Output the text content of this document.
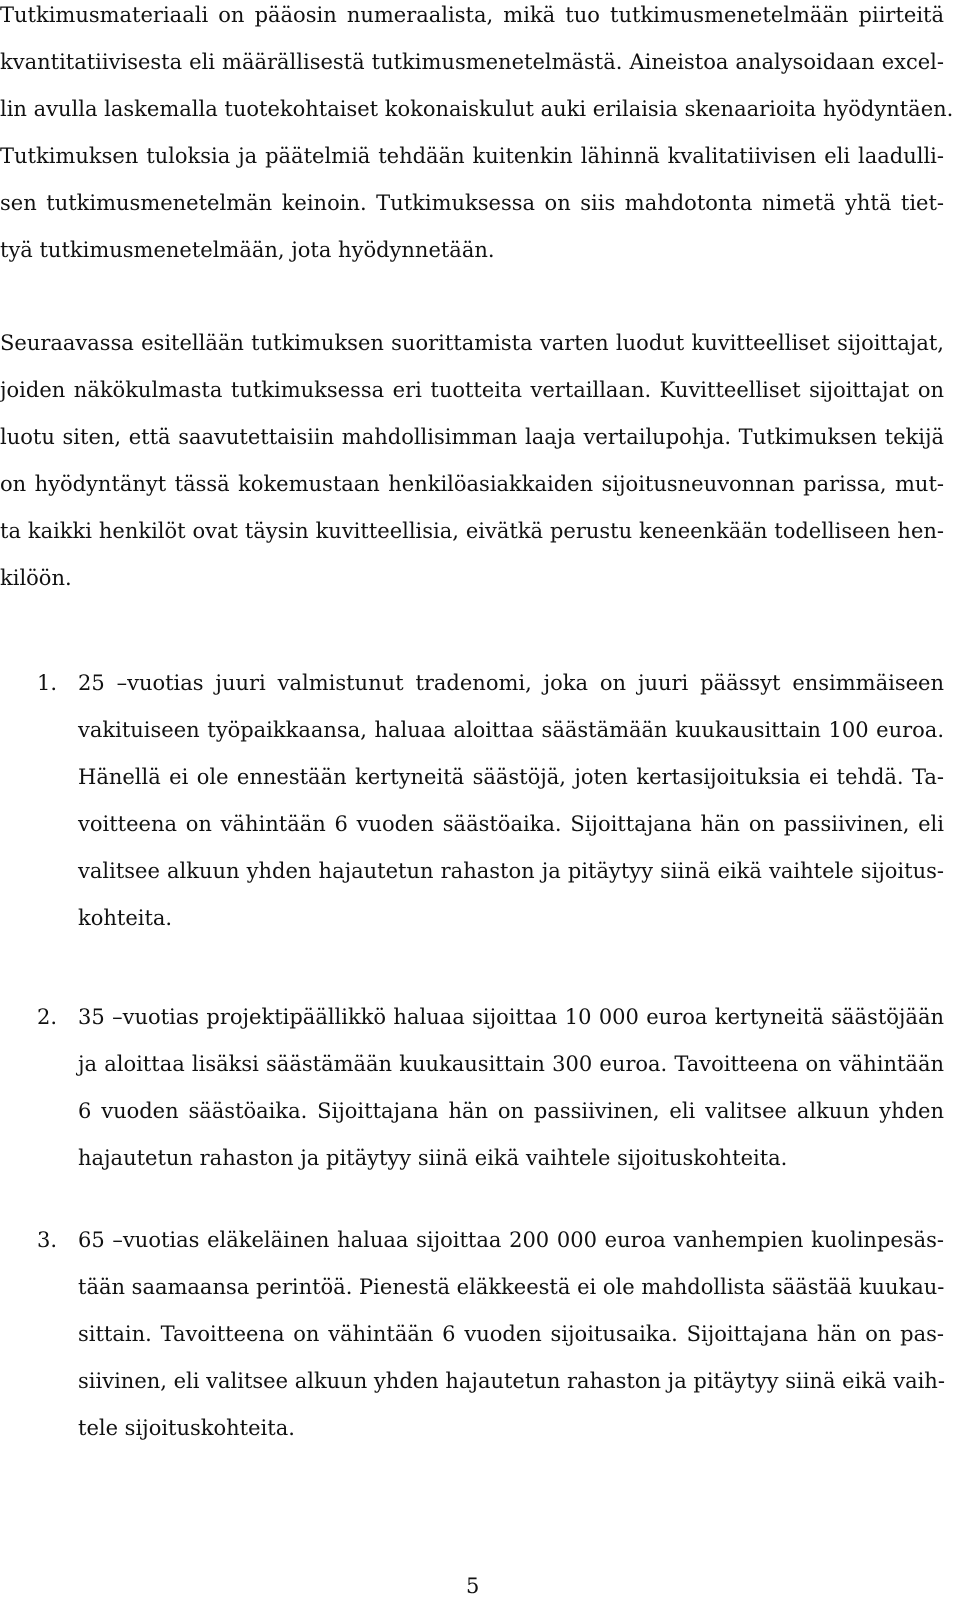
Tutkimusmateriaali on pääosin numeraalista, mikä tuo tutkimusmenetelmään piirteitä
kvantitatiivisesta eli määrällisestä tutkimusmenetelmästä. Aineistoa analysoidaan excel-
lin avulla laskemalla tuotekohtaiset kokonaiskulut auki erilaisia skenaarioita hyödyntäen.
Tutkimuksen tuloksia ja päätelmiä tehdään kuitenkin lähinnä kvalitatiivisen eli laadulli-
sen tutkimusmenetelmän keinoin. Tutkimuksessa on siis mahdotonta nimetä yhtä tiet-
tyä tutkimusmenetelmään, jota hyödynnetään.

Seuraavassa esitellään tutkimuksen suorittamista varten luodut kuvitteelliset sijoittajat,
joiden näkökulmasta tutkimuksessa eri tuotteita vertaillaan. Kuvitteelliset sijoittajat on
luotu siten, että saavutettaisiin mahdollisimman laaja vertailupohja. Tutkimuksen tekijä
on hyödyntänyt tässä kokemustaan henkilöasiakkaiden sijoitusneuvonnan parissa, mut-
ta kaikki henkilöt ovat täysin kuvitteellisia, eivätkä perustu keneenkään todelliseen hen-
kilöön.

1. 25 –vuotias juuri valmistunut tradenomi, joka on juuri päässyt ensimmäiseen
vakituiseen työpaikkaansa, haluaa aloittaa säästämään kuukausittain 100 euroa.
Hänellä ei ole ennestään kertyneitä säästöjä, joten kertasijoituksia ei tehdä. Ta-
voitteena on vähintään 6 vuoden säästöaika. Sijoittajana hän on passiivinen, eli
valitsee alkuun yhden hajautetun rahaston ja pitäytyy siinä eikä vaihtele sijoitus-
kohteita.

2. 35 –vuotias projektipäällikkö haluaa sijoittaa 10 000 euroa kertyneitä säästöjään
ja aloittaa lisäksi säästämään kuukausittain 300 euroa. Tavoitteena on vähintään
6 vuoden säästöaika. Sijoittajana hän on passiivinen, eli valitsee alkuun yhden
hajautetun rahaston ja pitäytyy siinä eikä vaihtele sijoituskohteita.

3. 65 –vuotias eläkeläinen haluaa sijoittaa 200 000 euroa vanhempien kuolinpesäs-
tään saamaansa perintöä. Pienestä eläkkeestä ei ole mahdollista säästää kuukau-
sittain. Tavoitteena on vähintään 6 vuoden sijoitusaika. Sijoittajana hän on pas-
siivinen, eli valitsee alkuun yhden hajautetun rahaston ja pitäytyy siinä eikä vaih-
tele sijoituskohteita.

5
